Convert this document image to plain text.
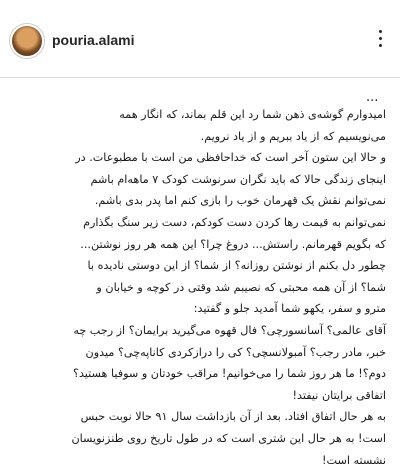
pouria.alami
...

امیدوارم گوشه‌ی ذهن شما رد این قلم بماند، که انگار همه

می‌نویسیم که از یاد ببریم و از یاد نرویم.

و حالا این ستون آخر است که خداحافظی من است با مطبوعات. در

اینجای زندگی حالا که باید نگران سرنوشت کودک ۷ ماهه‌ام باشم

نمی‌توانم نقش یک قهرمان خوب را بازی کنم اما پدر بدی باشم.

نمی‌توانم به قیمت رها کردن دست کودکم، دست زیر سنگ بگذارم

که بگویم قهرمانم. راستش... دروغ چرا؟ این همه هر روز نوشتن...

چطور دل بکنم از نوشتن روزانه؟ از شما؟ از این دوستی نادیده با

شما؟ از آن همه محبتی که نصیبم شد وقتی در کوچه و خیابان و

مترو و سفر، یکهو شما آمدید جلو و گفتید:

آقای عالمی؟ آسانسورچی؟ فال قهوه می‌گیرید برایمان؟ از رجب چه

خبر، مادر رجب؟ آمبولانسچی؟ کی را درازکردی کاناپه‌چی؟ میدون

دوم؟! ما هر روز شما را می‌خوانیم! مراقب خودتان و سوفیا هستید؟

اتفاقی برایتان نیفتد!

به هر حال اتفاق افتاد. بعد از آن بازداشت سال ۹۱ حالا نوبت حبس

است! به هر حال این شتری است که در طول تاریخ روی طنزنویسان

نشسته است!
